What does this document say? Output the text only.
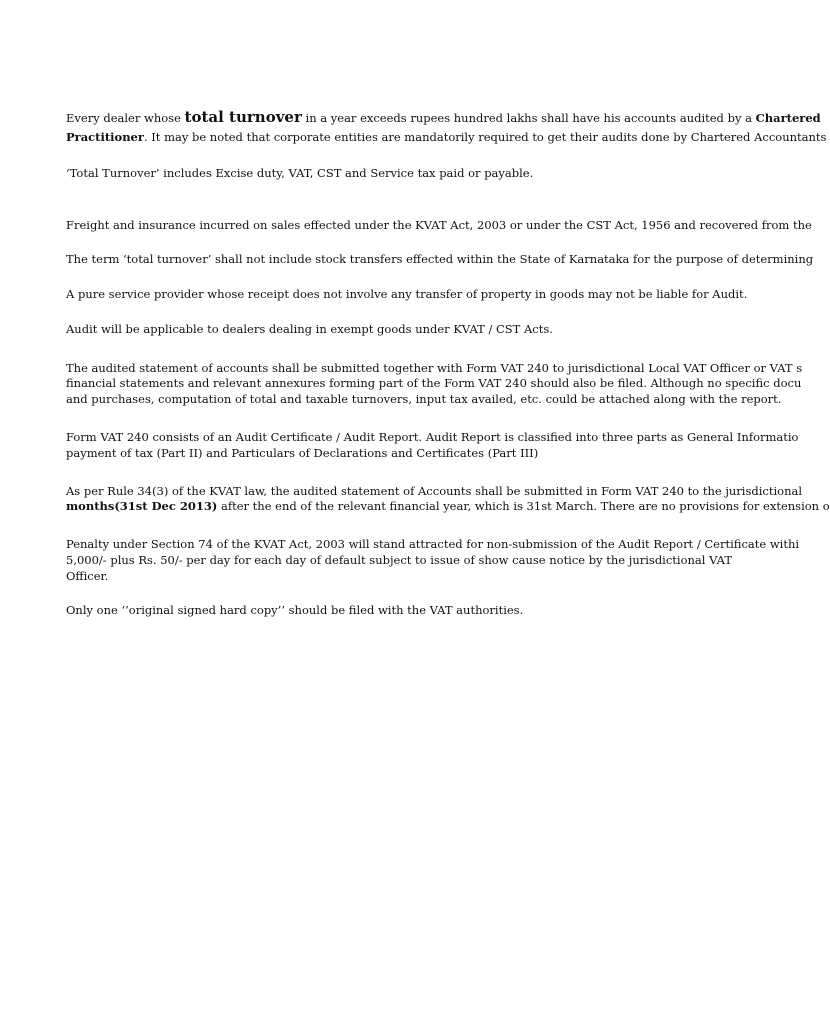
Every dealer whose total turnover in a year exceeds rupees hundred lakhs shall have his accounts audited by a Chartered
Practitioner. It may be noted that corporate entities are mandatorily required to get their audits done by Chartered Accountants
‘Total Turnover’ includes Excise duty, VAT, CST and Service tax paid or payable.
Freight and insurance incurred on sales effected under the KVAT Act, 2003 or under the CST Act, 1956 and recovered from the
The term ‘total turnover’ shall not include stock transfers effected within the State of Karnataka for the purpose of determining
A pure service provider whose receipt does not involve any transfer of property in goods may not be liable for Audit.
Audit will be applicable to dealers dealing in exempt goods under KVAT / CST Acts.
The audited statement of accounts shall be submitted together with Form VAT 240 to jurisdictional Local VAT Officer or VAT s
financial statements and relevant annexures forming part of the Form VAT 240 should also be filed. Although no specific docu
and purchases, computation of total and taxable turnovers, input tax availed, etc. could be attached along with the report.
Form VAT 240 consists of an Audit Certificate / Audit Report. Audit Report is classified into three parts as General Informatio
payment of tax (Part II) and Particulars of Declarations and Certificates (Part III)
As per Rule 34(3) of the KVAT law, the audited statement of Accounts shall be submitted in Form VAT 240 to the jurisdictional
months(31st Dec 2013) after the end of the relevant financial year, which is 31st March. There are no provisions for extension o
Penalty under Section 74 of the KVAT Act, 2003 will stand attracted for non-submission of the Audit Report / Certificate withi
5,000/- plus Rs. 50/- per day for each day of default subject to issue of show cause notice by the jurisdictional VAT
Officer.
Only one ‘’original signed hard copy’’ should be filed with the VAT authorities.
